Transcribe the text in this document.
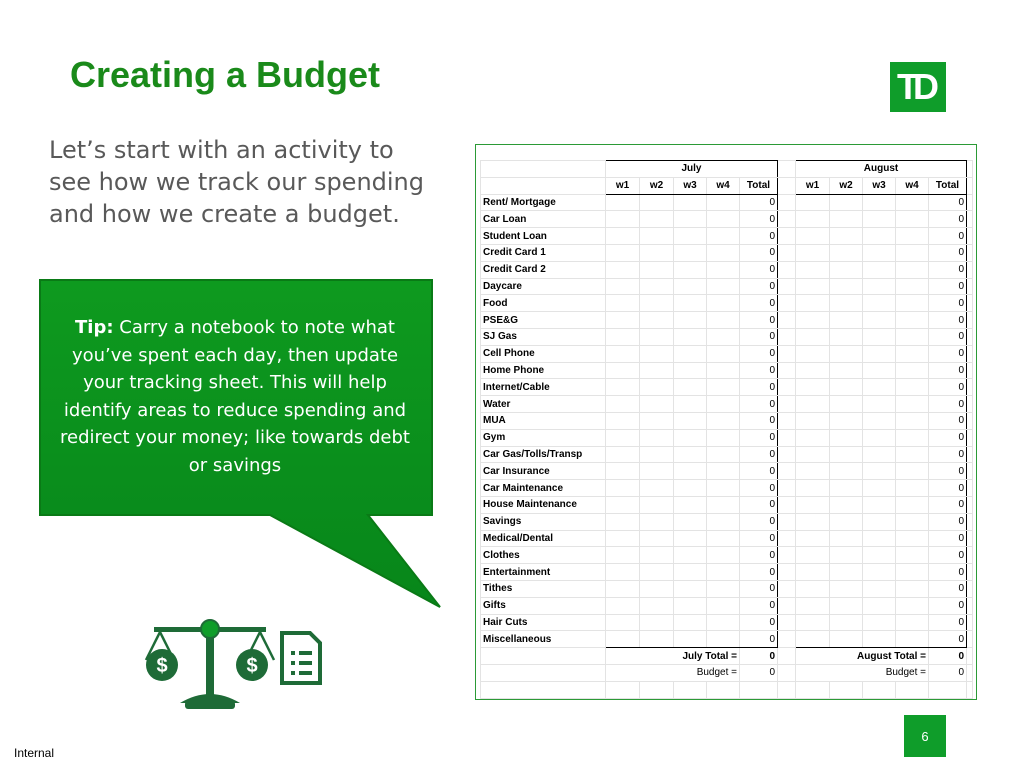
Creating a Budget	TD
Let’s start with an activity to
see how we track our spending
and how we create a budget.
Tip: Carry a notebook to note what you’ve spent each day, then update your tracking sheet. This will help identify areas to reduce spending and redirect your money; like towards debt or savings
$	$
	July						August					
	w1	w2	w3	w4	Total		w1	w2	w3	w4	Total	
Rent/ Mortgage					0						0	
Car Loan					0						0	
Student Loan					0						0	
Credit Card 1					0						0	
Credit Card 2					0						0	
Daycare					0						0	
Food					0						0	
PSE&G					0						0	
SJ Gas					0						0	
Cell Phone					0						0	
Home Phone					0						0	
Internet/Cable					0						0	
Water					0						0	
MUA					0						0	
Gym					0						0	
Car Gas/Tolls/Transp					0						0	
Car Insurance					0						0	
Car Maintenance					0						0	
House Maintenance					0						0	
Savings					0						0	
Medical/Dental					0						0	
Clothes					0						0	
Entertainment					0						0	
Tithes					0						0	
Gifts					0						0	
Hair Cuts					0						0	
Miscellaneous					0						0	
	July Total =				0		August Total =				0	
	Budget =				0		Budget =				0	

6
Internal
